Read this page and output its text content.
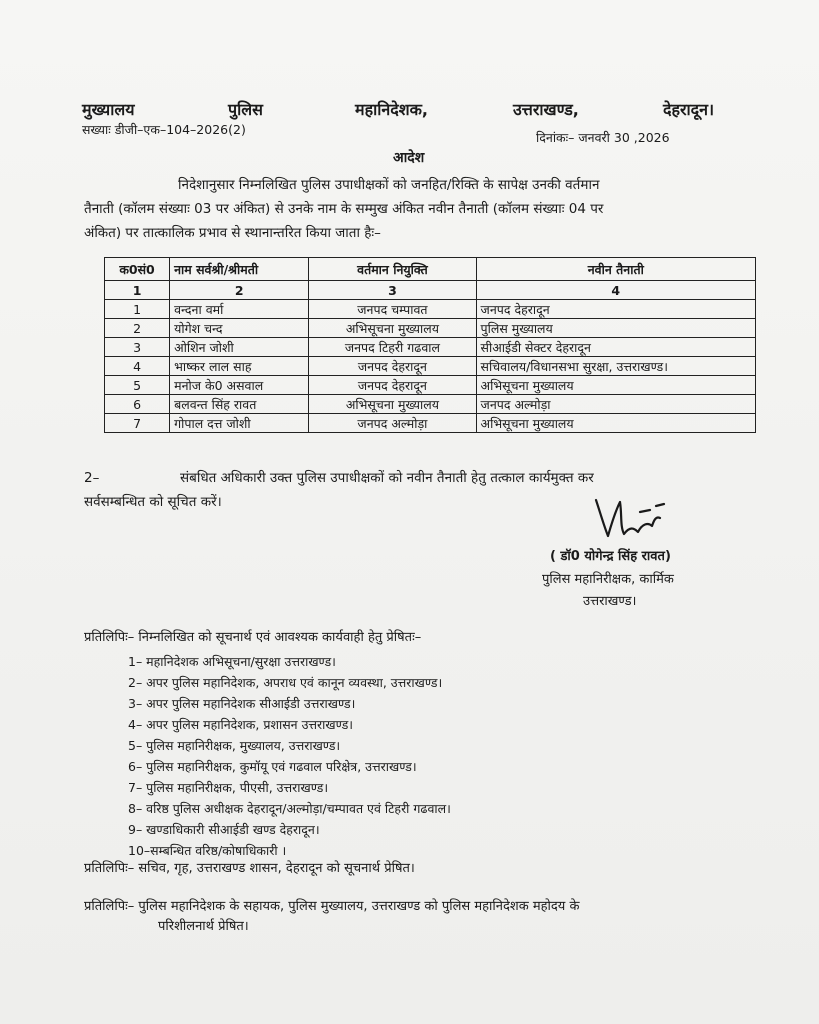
मुख्यालय	पुलिस	महानिदेशक,	उत्तराखण्ड,	देहरादून।
सख्याः डीजी–एक–104–2026(2)
दिनांकः– जनवरी 30 ,2026
आदेश
निदेशानुसार निम्नलिखित पुलिस उपाधीक्षकों को जनहित/रिक्ति के सापेक्ष उनकी वर्तमान
तैनाती (कॉलम संख्याः 03 पर अंकित) से उनके नाम के सम्मुख अंकित नवीन तैनाती (कॉलम संख्याः 04 पर
अंकित) पर तात्कालिक प्रभाव से स्थानान्तरित किया जाता हैः–
क0सं0	नाम सर्वश्री/श्रीमती	वर्तमान नियुक्ति	नवीन तैनाती
1	2	3	4
1	वन्दना वर्मा	जनपद चम्पावत	जनपद देहरादून
2	योगेश चन्द	अभिसूचना मुख्यालय	पुलिस मुख्यालय
3	ओशिन जोशी	जनपद टिहरी गढवाल	सीआईडी सेक्टर देहरादून
4	भाष्कर लाल साह	जनपद देहरादून	सचिवालय/विधानसभा सुरक्षा, उत्तराखण्ड।
5	मनोज के0 असवाल	जनपद देहरादून	अभिसूचना मुख्यालय
6	बलवन्त सिंह रावत	अभिसूचना मुख्यालय	जनपद अल्मोड़ा
7	गोपाल दत्त जोशी	जनपद अल्मोड़ा	अभिसूचना मुख्यालय
2–	संबधित अधिकारी उक्त पुलिस उपाधीक्षकों को नवीन तैनाती हेतु तत्काल कार्यमुक्त कर
सर्वसम्बन्धित को सूचित करें।
( डॉ0 योगेन्द्र सिंह रावत)
पुलिस महानिरीक्षक, कार्मिक
उत्तराखण्ड।
प्रतिलिपिः– निम्नलिखित को सूचनार्थ एवं आवश्यक कार्यवाही हेतु प्रेषितः–
1– महानिदेशक अभिसूचना/सुरक्षा उत्तराखण्ड।
2– अपर पुलिस महानिदेशक, अपराध एवं कानून व्यवस्था, उत्तराखण्ड।
3– अपर पुलिस महानिदेशक सीआईडी उत्तराखण्ड।
4– अपर पुलिस महानिदेशक, प्रशासन उत्तराखण्ड।
5– पुलिस महानिरीक्षक, मुख्यालय, उत्तराखण्ड।
6– पुलिस महानिरीक्षक, कुमॉयू एवं गढवाल परिक्षेत्र, उत्तराखण्ड।
7– पुलिस महानिरीक्षक, पीएसी, उत्तराखण्ड।
8– वरिष्ठ पुलिस अधीक्षक देहरादून/अल्मोड़ा/चम्पावत एवं टिहरी गढवाल।
9– खण्डाधिकारी सीआईडी खण्ड देहरादून।
10–सम्बन्धित वरिष्ठ/कोषाधिकारी ।
प्रतिलिपिः– सचिव, गृह, उत्तराखण्ड शासन, देहरादून को सूचनार्थ प्रेषित।
प्रतिलिपिः– पुलिस महानिदेशक के सहायक, पुलिस मुख्यालय, उत्तराखण्ड को पुलिस महानिदेशक महोदय के
परिशीलनार्थ प्रेषित।
